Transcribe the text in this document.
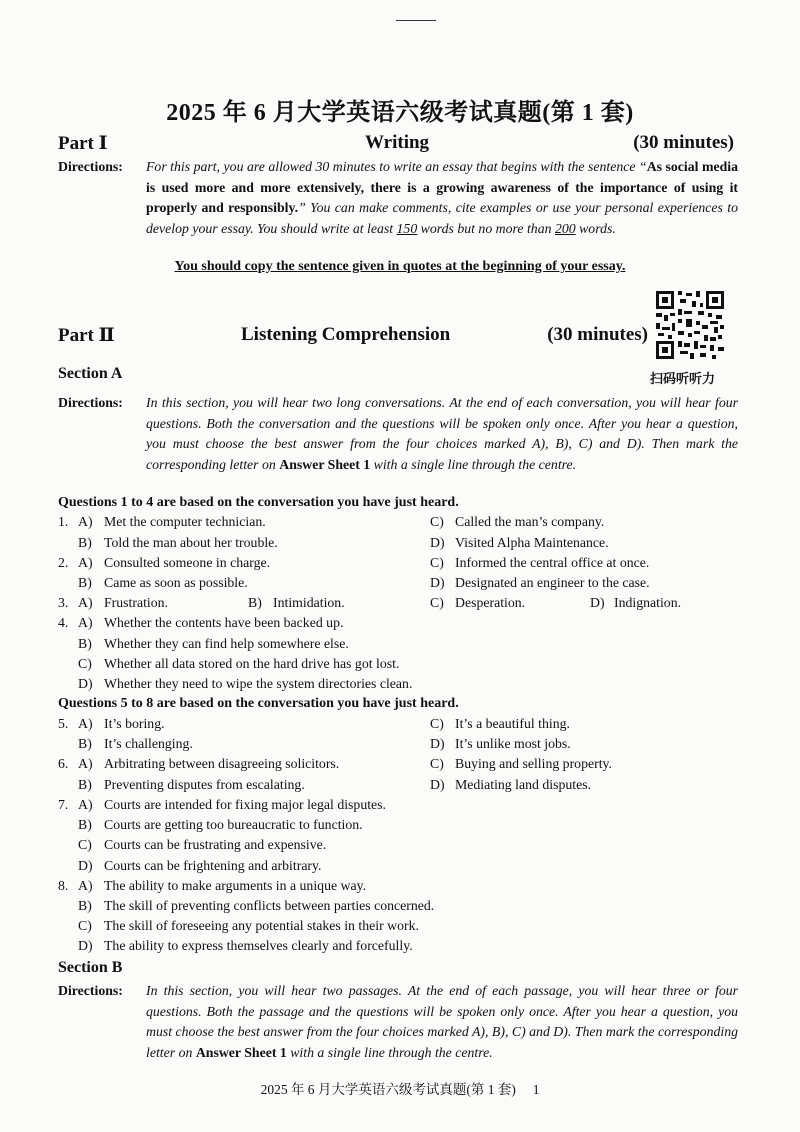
2025 年 6 月大学英语六级考试真题(第 1 套)
Part Ⅰ	Writing	(30 minutes)
Directions:	For this part, you are allowed 30 minutes to write an essay that begins with the sentence “As social media is used more and more extensively, there is a growing awareness of the importance of using it properly and responsibly.” You can make comments, cite examples or use your personal experiences to develop your essay. You should write at least 150 words but no more than 200 words.
You should copy the sentence given in quotes at the beginning of your essay.
Part Ⅱ	Listening Comprehension	(30 minutes)
扫码听听力
Section A
Directions:	In this section, you will hear two long conversations. At the end of each conversation, you will hear four questions. Both the conversation and the questions will be spoken only once. After you hear a question, you must choose the best answer from the four choices marked A), B), C) and D). Then mark the corresponding letter on Answer Sheet 1 with a single line through the centre.
Questions 1 to 4 are based on the conversation you have just heard.
1. A) Met the computer technician.	C) Called the man’s company.
B) Told the man about her trouble.	D) Visited Alpha Maintenance.
2. A) Consulted someone in charge.	C) Informed the central office at once.
B) Came as soon as possible.	D) Designated an engineer to the case.
3. A) Frustration.	B) Intimidation.	C) Desperation.	D) Indignation.
4. A) Whether the contents have been backed up.
B) Whether they can find help somewhere else.
C) Whether all data stored on the hard drive has got lost.
D) Whether they need to wipe the system directories clean.
Questions 5 to 8 are based on the conversation you have just heard.
5. A) It’s boring.	C) It’s a beautiful thing.
B) It’s challenging.	D) It’s unlike most jobs.
6. A) Arbitrating between disagreeing solicitors.	C) Buying and selling property.
B) Preventing disputes from escalating.	D) Mediating land disputes.
7. A) Courts are intended for fixing major legal disputes.
B) Courts are getting too bureaucratic to function.
C) Courts can be frustrating and expensive.
D) Courts can be frightening and arbitrary.
8. A) The ability to make arguments in a unique way.
B) The skill of preventing conflicts between parties concerned.
C) The skill of foreseeing any potential stakes in their work.
D) The ability to express themselves clearly and forcefully.
Section B
Directions:	In this section, you will hear two passages. At the end of each passage, you will hear three or four questions. Both the passage and the questions will be spoken only once. After you hear a question, you must choose the best answer from the four choices marked A), B), C) and D). Then mark the corresponding letter on Answer Sheet 1 with a single line through the centre.
2025 年 6 月大学英语六级考试真题(第 1 套) 1
